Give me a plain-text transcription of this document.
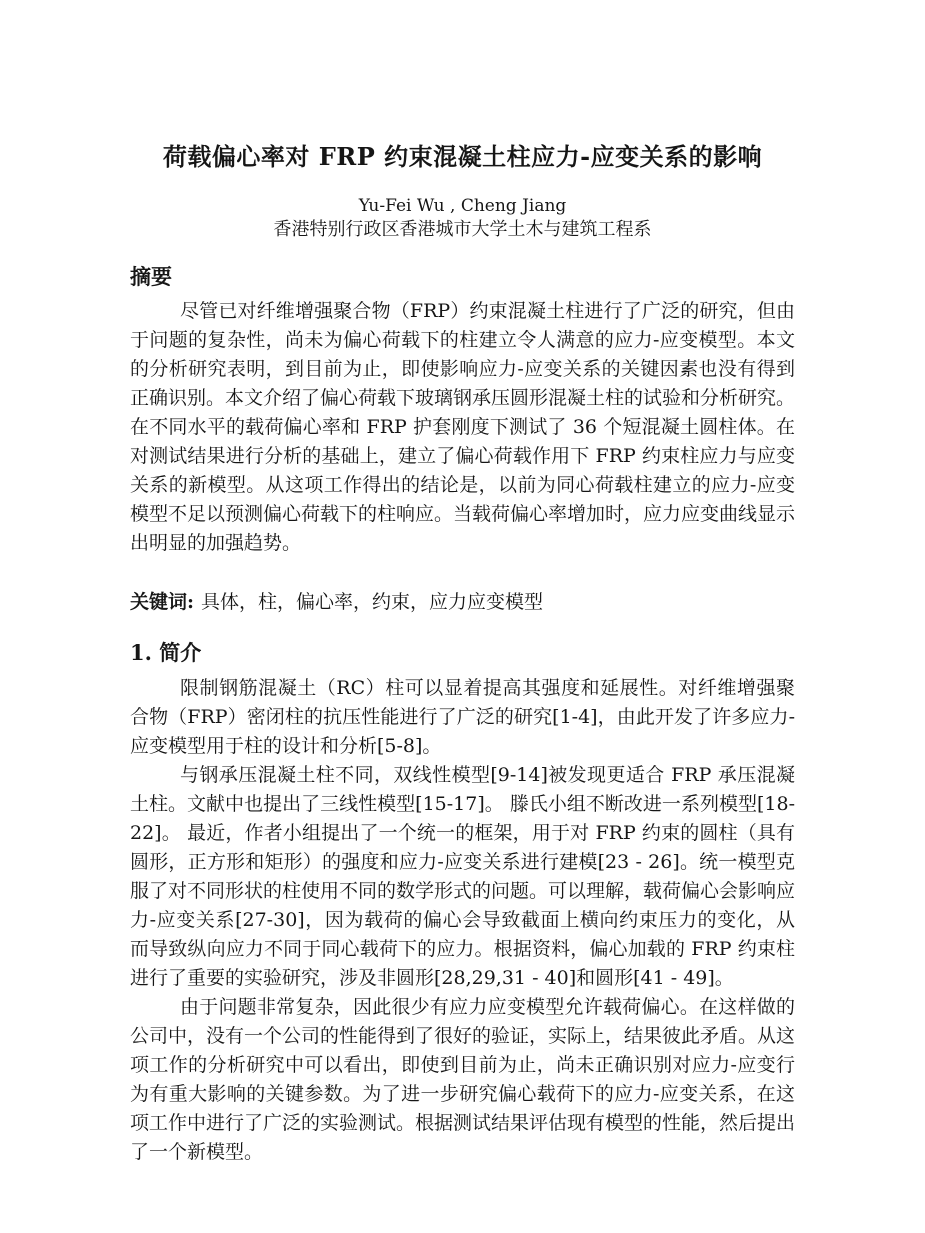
荷载偏心率对 FRP 约束混凝土柱应力-应变关系的影响

Yu-Fei Wu , Cheng Jiang

香港特别行政区香港城市大学土木与建筑工程系

摘要

尽管已对纤维增强聚合物（FRP）约束混凝土柱进行了广泛的研究，但由于问题的复杂性，尚未为偏心荷载下的柱建立令人满意的应力-应变模型。本文的分析研究表明，到目前为止，即使影响应力-应变关系的关键因素也没有得到正确识别。本文介绍了偏心荷载下玻璃钢承压圆形混凝土柱的试验和分析研究。在不同水平的载荷偏心率和 FRP 护套刚度下测试了 36 个短混凝土圆柱体。在对测试结果进行分析的基础上，建立了偏心荷载作用下 FRP 约束柱应力与应变关系的新模型。从这项工作得出的结论是，以前为同心荷载柱建立的应力-应变模型不足以预测偏心荷载下的柱响应。当载荷偏心率增加时，应力应变曲线显示出明显的加强趋势。

关键词: 具体，柱，偏心率，约束，应力应变模型

1. 简介

限制钢筋混凝土（RC）柱可以显着提高其强度和延展性。对纤维增强聚合物（FRP）密闭柱的抗压性能进行了广泛的研究[1-4]，由此开发了许多应力-应变模型用于柱的设计和分析[5-8]。

与钢承压混凝土柱不同，双线性模型[9-14]被发现更适合 FRP 承压混凝土柱。文献中也提出了三线性模型[15-17]。 滕氏小组不断改进一系列模型[18-22]。 最近，作者小组提出了一个统一的框架，用于对 FRP 约束的圆柱（具有圆形，正方形和矩形）的强度和应力-应变关系进行建模[23 - 26]。统一模型克服了对不同形状的柱使用不同的数学形式的问题。可以理解，载荷偏心会影响应力-应变关系[27-30]，因为载荷的偏心会导致截面上横向约束压力的变化，从而导致纵向应力不同于同心载荷下的应力。根据资料，偏心加载的 FRP 约束柱进行了重要的实验研究，涉及非圆形[28,29,31 - 40]和圆形[41 - 49]。

由于问题非常复杂，因此很少有应力应变模型允许载荷偏心。在这样做的公司中，没有一个公司的性能得到了很好的验证，实际上，结果彼此矛盾。从这项工作的分析研究中可以看出，即使到目前为止，尚未正确识别对应力-应变行为有重大影响的关键参数。为了进一步研究偏心载荷下的应力-应变关系，在这项工作中进行了广泛的实验测试。根据测试结果评估现有模型的性能，然后提出了一个新模型。
